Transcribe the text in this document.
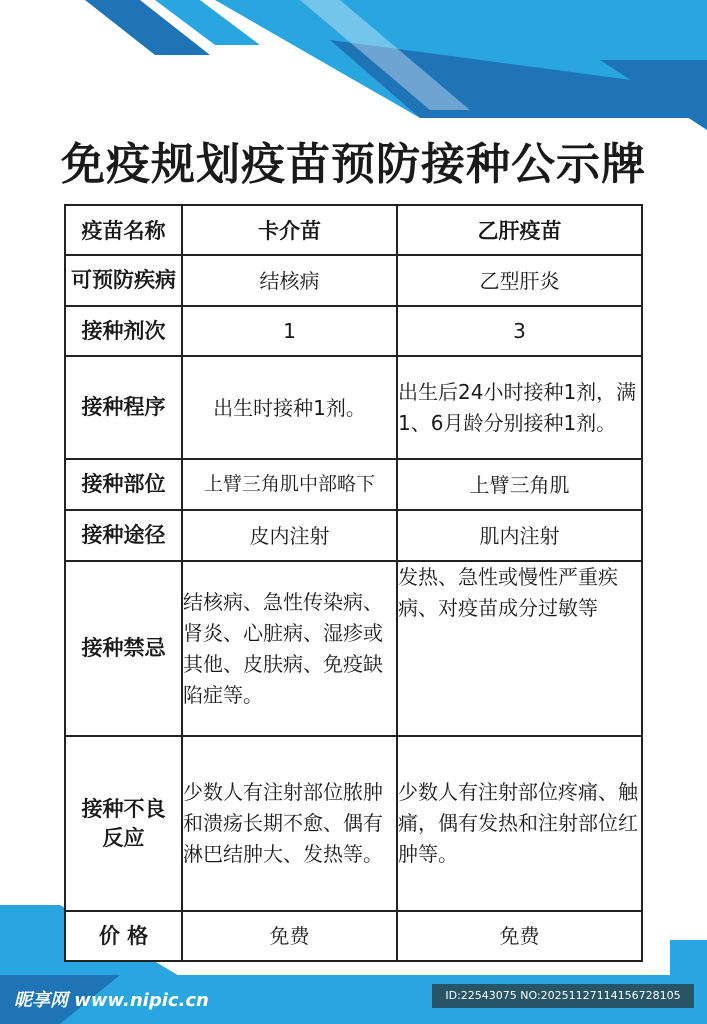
免疫规划疫苗预防接种公示牌
疫苗名称	卡介苗	乙肝疫苗
可预防疾病	结核病	乙型肝炎
接种剂次	1	3
接种程序	出生时接种1剂。	出生后24小时接种1剂，满1、6月龄分别接种1剂。
接种部位	上臂三角肌中部略下	上臂三角肌
接种途径	皮内注射	肌内注射
接种禁忌	结核病、急性传染病、肾炎、心脏病、湿疹或其他、皮肤病、免疫缺陷症等。	发热、急性或慢性严重疾病、对疫苗成分过敏等
接种不良反应	少数人有注射部位脓肿和溃疡长期不愈、偶有淋巴结肿大、发热等。	少数人有注射部位疼痛、触痛，偶有发热和注射部位红肿等。
价 格	免费	免费
昵享网 www.nipic.cn	ID:22543075 NO:20251127114156728105
